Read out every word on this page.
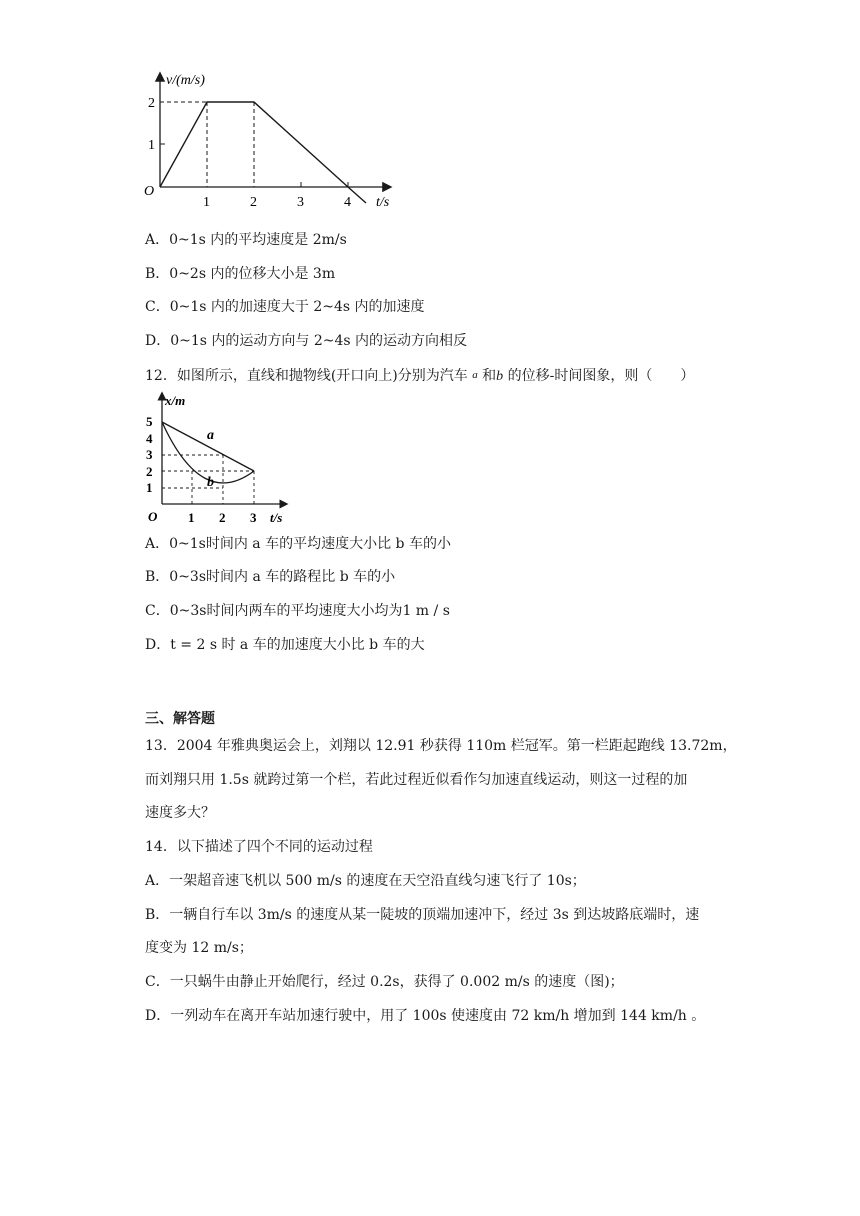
v/(m/s)
O
2
1
1	2	3	4 t/s
A．0~1s 内的平均速度是 2m/s
B．0~2s 内的位移大小是 3m
C．0~1s 内的加速度大于 2~4s 内的加速度
D．0~1s 内的运动方向与 2~4s 内的运动方向相反
12．如图所示，直线和抛物线(开口向上)分别为汽车 a 和b 的位移-时间图象，则（　　）
x/m
5
4
3
2
1
O 1 2 3 t/s
a
b
A．0~1s时间内 a 车的平均速度大小比 b 车的小
B．0~3s时间内 a 车的路程比 b 车的小
C．0~3s时间内两车的平均速度大小均为1 m / s
D．t = 2 s 时 a 车的加速度大小比 b 车的大
三、解答题
13．2004 年雅典奥运会上，刘翔以 12.91 秒获得 110m 栏冠军。第一栏距起跑线 13.72m，
而刘翔只用 1.5s 就跨过第一个栏，若此过程近似看作匀加速直线运动，则这一过程的加
速度多大？
14．以下描述了四个不同的运动过程
A．一架超音速飞机以 500 m/s 的速度在天空沿直线匀速飞行了 10s；
B．一辆自行车以 3m/s 的速度从某一陡坡的顶端加速冲下，经过 3s 到达坡路底端时，速
度变为 12 m/s；
C．一只蜗牛由静止开始爬行，经过 0.2s，获得了 0.002 m/s 的速度（图)；
D．一列动车在离开车站加速行驶中，用了 100s 使速度由 72 km/h 增加到 144 km/h 。
